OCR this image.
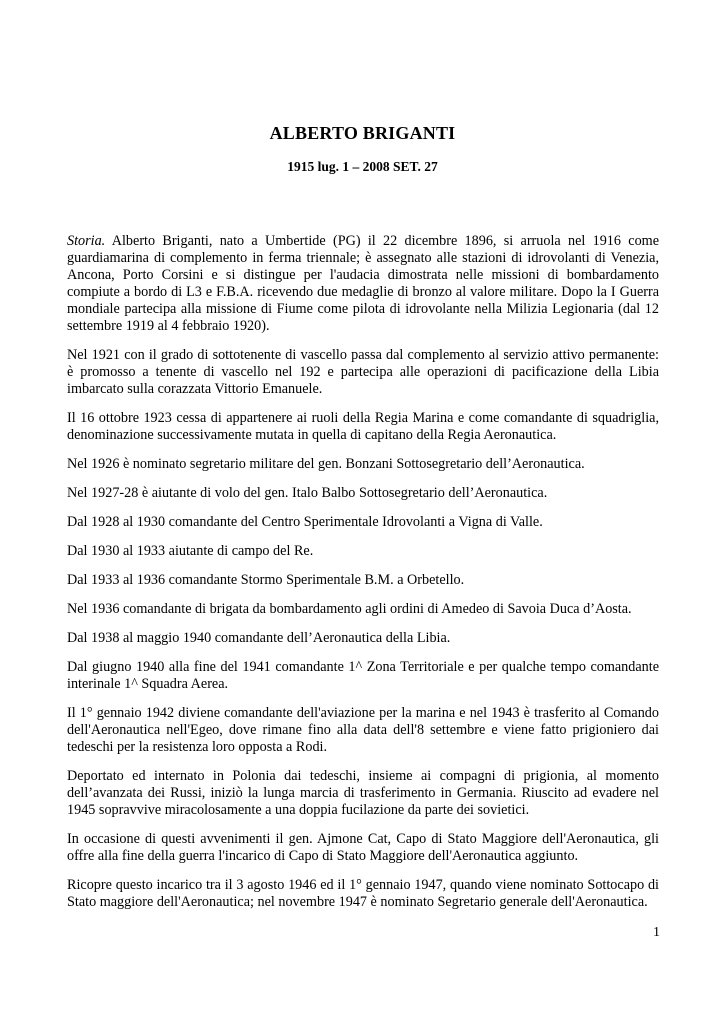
ALBERTO BRIGANTI
1915 lug. 1 – 2008 SET. 27

Storia. Alberto Briganti, nato a Umbertide (PG) il 22 dicembre 1896, si arruola nel 1916 come guardiamarina di complemento in ferma triennale; è assegnato alle stazioni di idrovolanti di Venezia, Ancona, Porto Corsini e si distingue per l'audacia dimostrata nelle missioni di bombardamento compiute a bordo di L3 e F.B.A. ricevendo due medaglie di bronzo al valore militare. Dopo la I Guerra mondiale partecipa alla missione di Fiume come pilota di idrovolante nella Milizia Legionaria (dal 12 settembre 1919 al 4 febbraio 1920).

Nel 1921 con il grado di sottotenente di vascello passa dal complemento al servizio attivo permanente: è promosso a tenente di vascello nel 192 e partecipa alle operazioni di pacificazione della Libia imbarcato sulla corazzata Vittorio Emanuele.

Il 16 ottobre 1923 cessa di appartenere ai ruoli della Regia Marina e come comandante di squadriglia, denominazione successivamente mutata in quella di capitano della Regia Aeronautica.

Nel 1926 è nominato segretario militare del gen. Bonzani Sottosegretario dell’Aeronautica.

Nel 1927-28 è aiutante di volo del gen. Italo Balbo Sottosegretario dell’Aeronautica.

Dal 1928 al 1930 comandante del Centro Sperimentale Idrovolanti a Vigna di Valle.

Dal 1930 al 1933 aiutante di campo del Re.

Dal 1933 al 1936 comandante Stormo Sperimentale B.M. a Orbetello.

Nel 1936 comandante di brigata da bombardamento agli ordini di Amedeo di Savoia Duca d’Aosta.

Dal 1938 al maggio 1940 comandante dell’Aeronautica della Libia.

Dal giugno 1940 alla fine del 1941 comandante 1^ Zona Territoriale e per qualche tempo comandante interinale 1^ Squadra Aerea.

Il 1° gennaio 1942 diviene comandante dell'aviazione per la marina e nel 1943 è trasferito al Comando dell'Aeronautica nell'Egeo, dove rimane fino alla data dell'8 settembre e viene fatto prigioniero dai tedeschi per la resistenza loro opposta a Rodi.

Deportato ed internato in Polonia dai tedeschi, insieme ai compagni di prigionia, al momento dell’avanzata dei Russi, iniziò la lunga marcia di trasferimento in Germania. Riuscito ad evadere nel 1945 sopravvive miracolosamente a una doppia fucilazione da parte dei sovietici.

In occasione di questi avvenimenti il gen. Ajmone Cat, Capo di Stato Maggiore dell'Aeronautica, gli offre alla fine della guerra l'incarico di Capo di Stato Maggiore dell'Aeronautica aggiunto.

Ricopre questo incarico tra il 3 agosto 1946 ed il 1° gennaio 1947, quando viene nominato Sottocapo di Stato maggiore dell'Aeronautica; nel novembre 1947 è nominato Segretario generale dell'Aeronautica.

1
